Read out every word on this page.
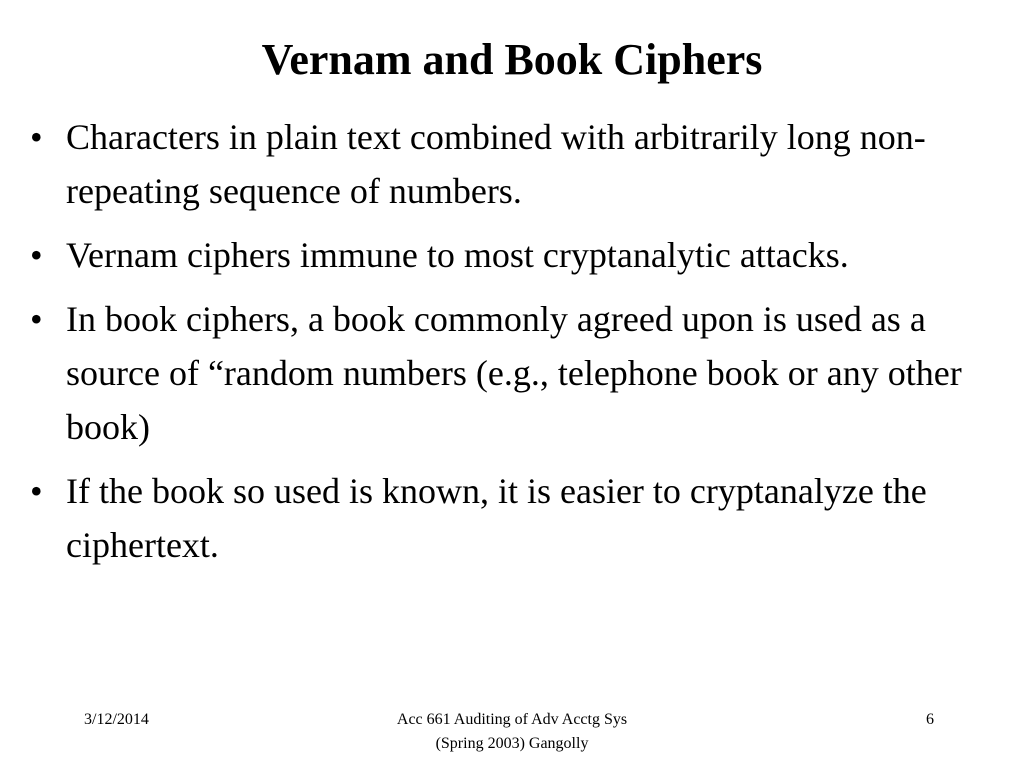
Vernam and Book Ciphers
• Characters in plain text combined with arbitrarily long non-repeating sequence of numbers.
• Vernam ciphers immune to most cryptanalytic attacks.
• In book ciphers, a book commonly agreed upon is used as a source of “random numbers (e.g., telephone book or any other book)
• If the book so used is known, it is easier to cryptanalyze the ciphertext.

3/12/2014	Acc 661 Auditing of Adv Acctg Sys
(Spring 2003) Gangolly

6
